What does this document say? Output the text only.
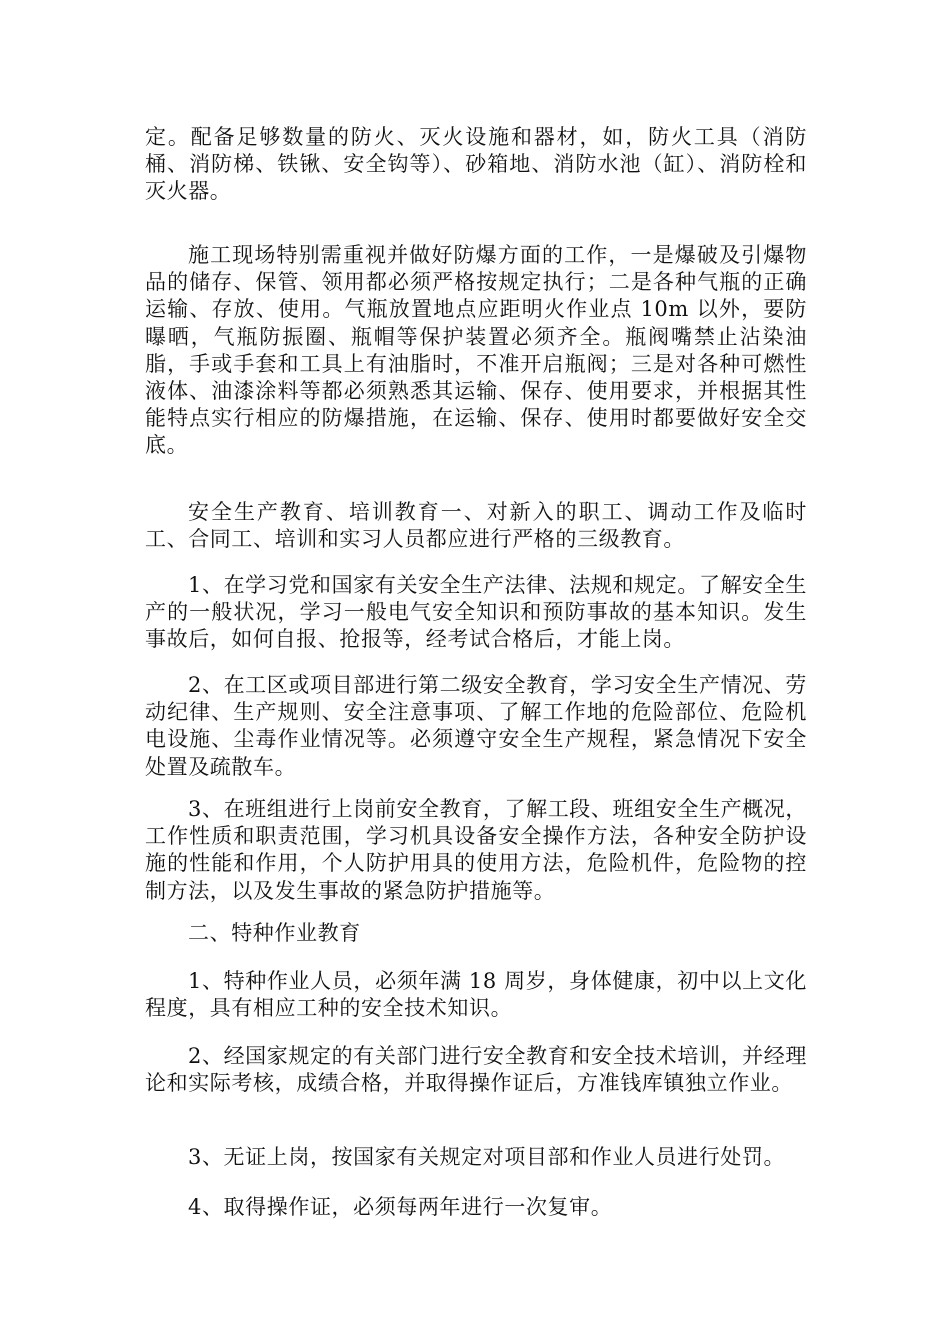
定。配备足够数量的防火、灭火设施和器材，如，防火工具（消防桶、消防梯、铁锹、安全钩等）、砂箱地、消防水池（缸）、消防栓和灭火器。

施工现场特别需重视并做好防爆方面的工作，一是爆破及引爆物品的储存、保管、领用都必须严格按规定执行；二是各种气瓶的正确运输、存放、使用。气瓶放置地点应距明火作业点 10m 以外，要防曝晒，气瓶防振圈、瓶帽等保护装置必须齐全。瓶阀嘴禁止沾染油脂，手或手套和工具上有油脂时，不准开启瓶阀；三是对各种可燃性液体、油漆涂料等都必须熟悉其运输、保存、使用要求，并根据其性能特点实行相应的防爆措施，在运输、保存、使用时都要做好安全交底。

安全生产教育、培训教育一、对新入的职工、调动工作及临时工、合同工、培训和实习人员都应进行严格的三级教育。

1、在学习党和国家有关安全生产法律、法规和规定。了解安全生产的一般状况，学习一般电气安全知识和预防事故的基本知识。发生事故后，如何自报、抢报等，经考试合格后，才能上岗。

2、在工区或项目部进行第二级安全教育，学习安全生产情况、劳动纪律、生产规则、安全注意事项、了解工作地的危险部位、危险机电设施、尘毒作业情况等。必须遵守安全生产规程，紧急情况下安全处置及疏散车。

3、在班组进行上岗前安全教育，了解工段、班组安全生产概况，工作性质和职责范围，学习机具设备安全操作方法，各种安全防护设施的性能和作用，个人防护用具的使用方法，危险机件，危险物的控制方法，以及发生事故的紧急防护措施等。

二、特种作业教育

1、特种作业人员，必须年满 18 周岁，身体健康，初中以上文化程度，具有相应工种的安全技术知识。

2、经国家规定的有关部门进行安全教育和安全技术培训，并经理论和实际考核，成绩合格，并取得操作证后，方准钱库镇独立作业。

3、无证上岗，按国家有关规定对项目部和作业人员进行处罚。

4、取得操作证，必须每两年进行一次复审。
